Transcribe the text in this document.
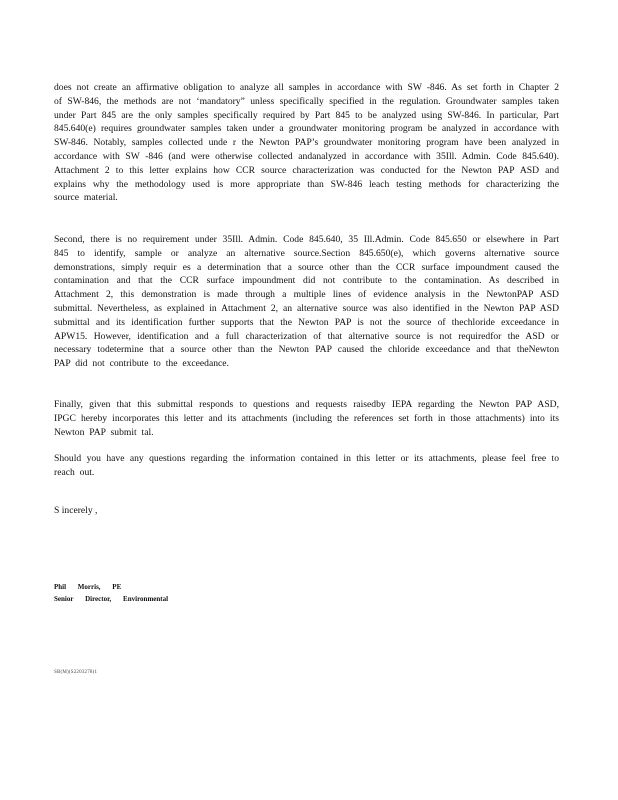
does not create an affirmative obligation to analyze all samples in accordance with SW -846. As set forth in Chapter 2 of SW-846, the methods are not ‘mandatory” unless specifically specified in the regulation. Groundwater samples taken under Part 845 are the only samples specifically required by Part 845 to be analyzed using SW-846. In particular, Part 845.640(e) requires groundwater samples taken under a groundwater monitoring program be analyzed in accordance with SW-846. Notably, samples collected unde r the Newton PAP’s groundwater monitoring program have been analyzed in accordance with SW -846 (and were otherwise collected andanalyzed in accordance with 35Ill. Admin. Code 845.640). Attachment 2 to this letter explains how CCR source characterization was conducted for the Newton PAP ASD and explains why the methodology used is more appropriate than SW-846 leach testing methods for characterizing the source material.

Second, there is no requirement under 35Ill. Admin. Code 845.640, 35 Ill.Admin. Code 845.650 or elsewhere in Part 845 to identify, sample or analyze an alternative source.Section 845.650(e), which governs alternative source demonstrations, simply requir es a determination that a source other than the CCR surface impoundment caused the contamination and that the CCR surface impoundment did not contribute to the contamination. As described in Attachment 2, this demonstration is made through a multiple lines of evidence analysis in the NewtonPAP ASD submittal. Nevertheless, as explained in Attachment 2, an alternative source was also identified in the Newton PAP ASD submittal and its identification further supports that the Newton PAP is not the source of thechloride exceedance in APW15. However, identification and a full characterization of that alternative source is not requiredfor the ASD or necessary todetermine that a source other than the Newton PAP caused the chloride exceedance and that theNewton PAP did not contribute to the exceedance.

Finally, given that this submittal responds to questions and requests raisedby IEPA regarding the Newton PAP ASD, IPGC hereby incorporates this letter and its attachments (including the references set forth in those attachments) into its Newton PAP submit tal.

Should you have any questions regarding the information contained in this letter or its attachments, please feel free to reach out.

S incerely ,

Phil Morris, PE

Senior Director, Environmental

SB(M)(S2203278)1
